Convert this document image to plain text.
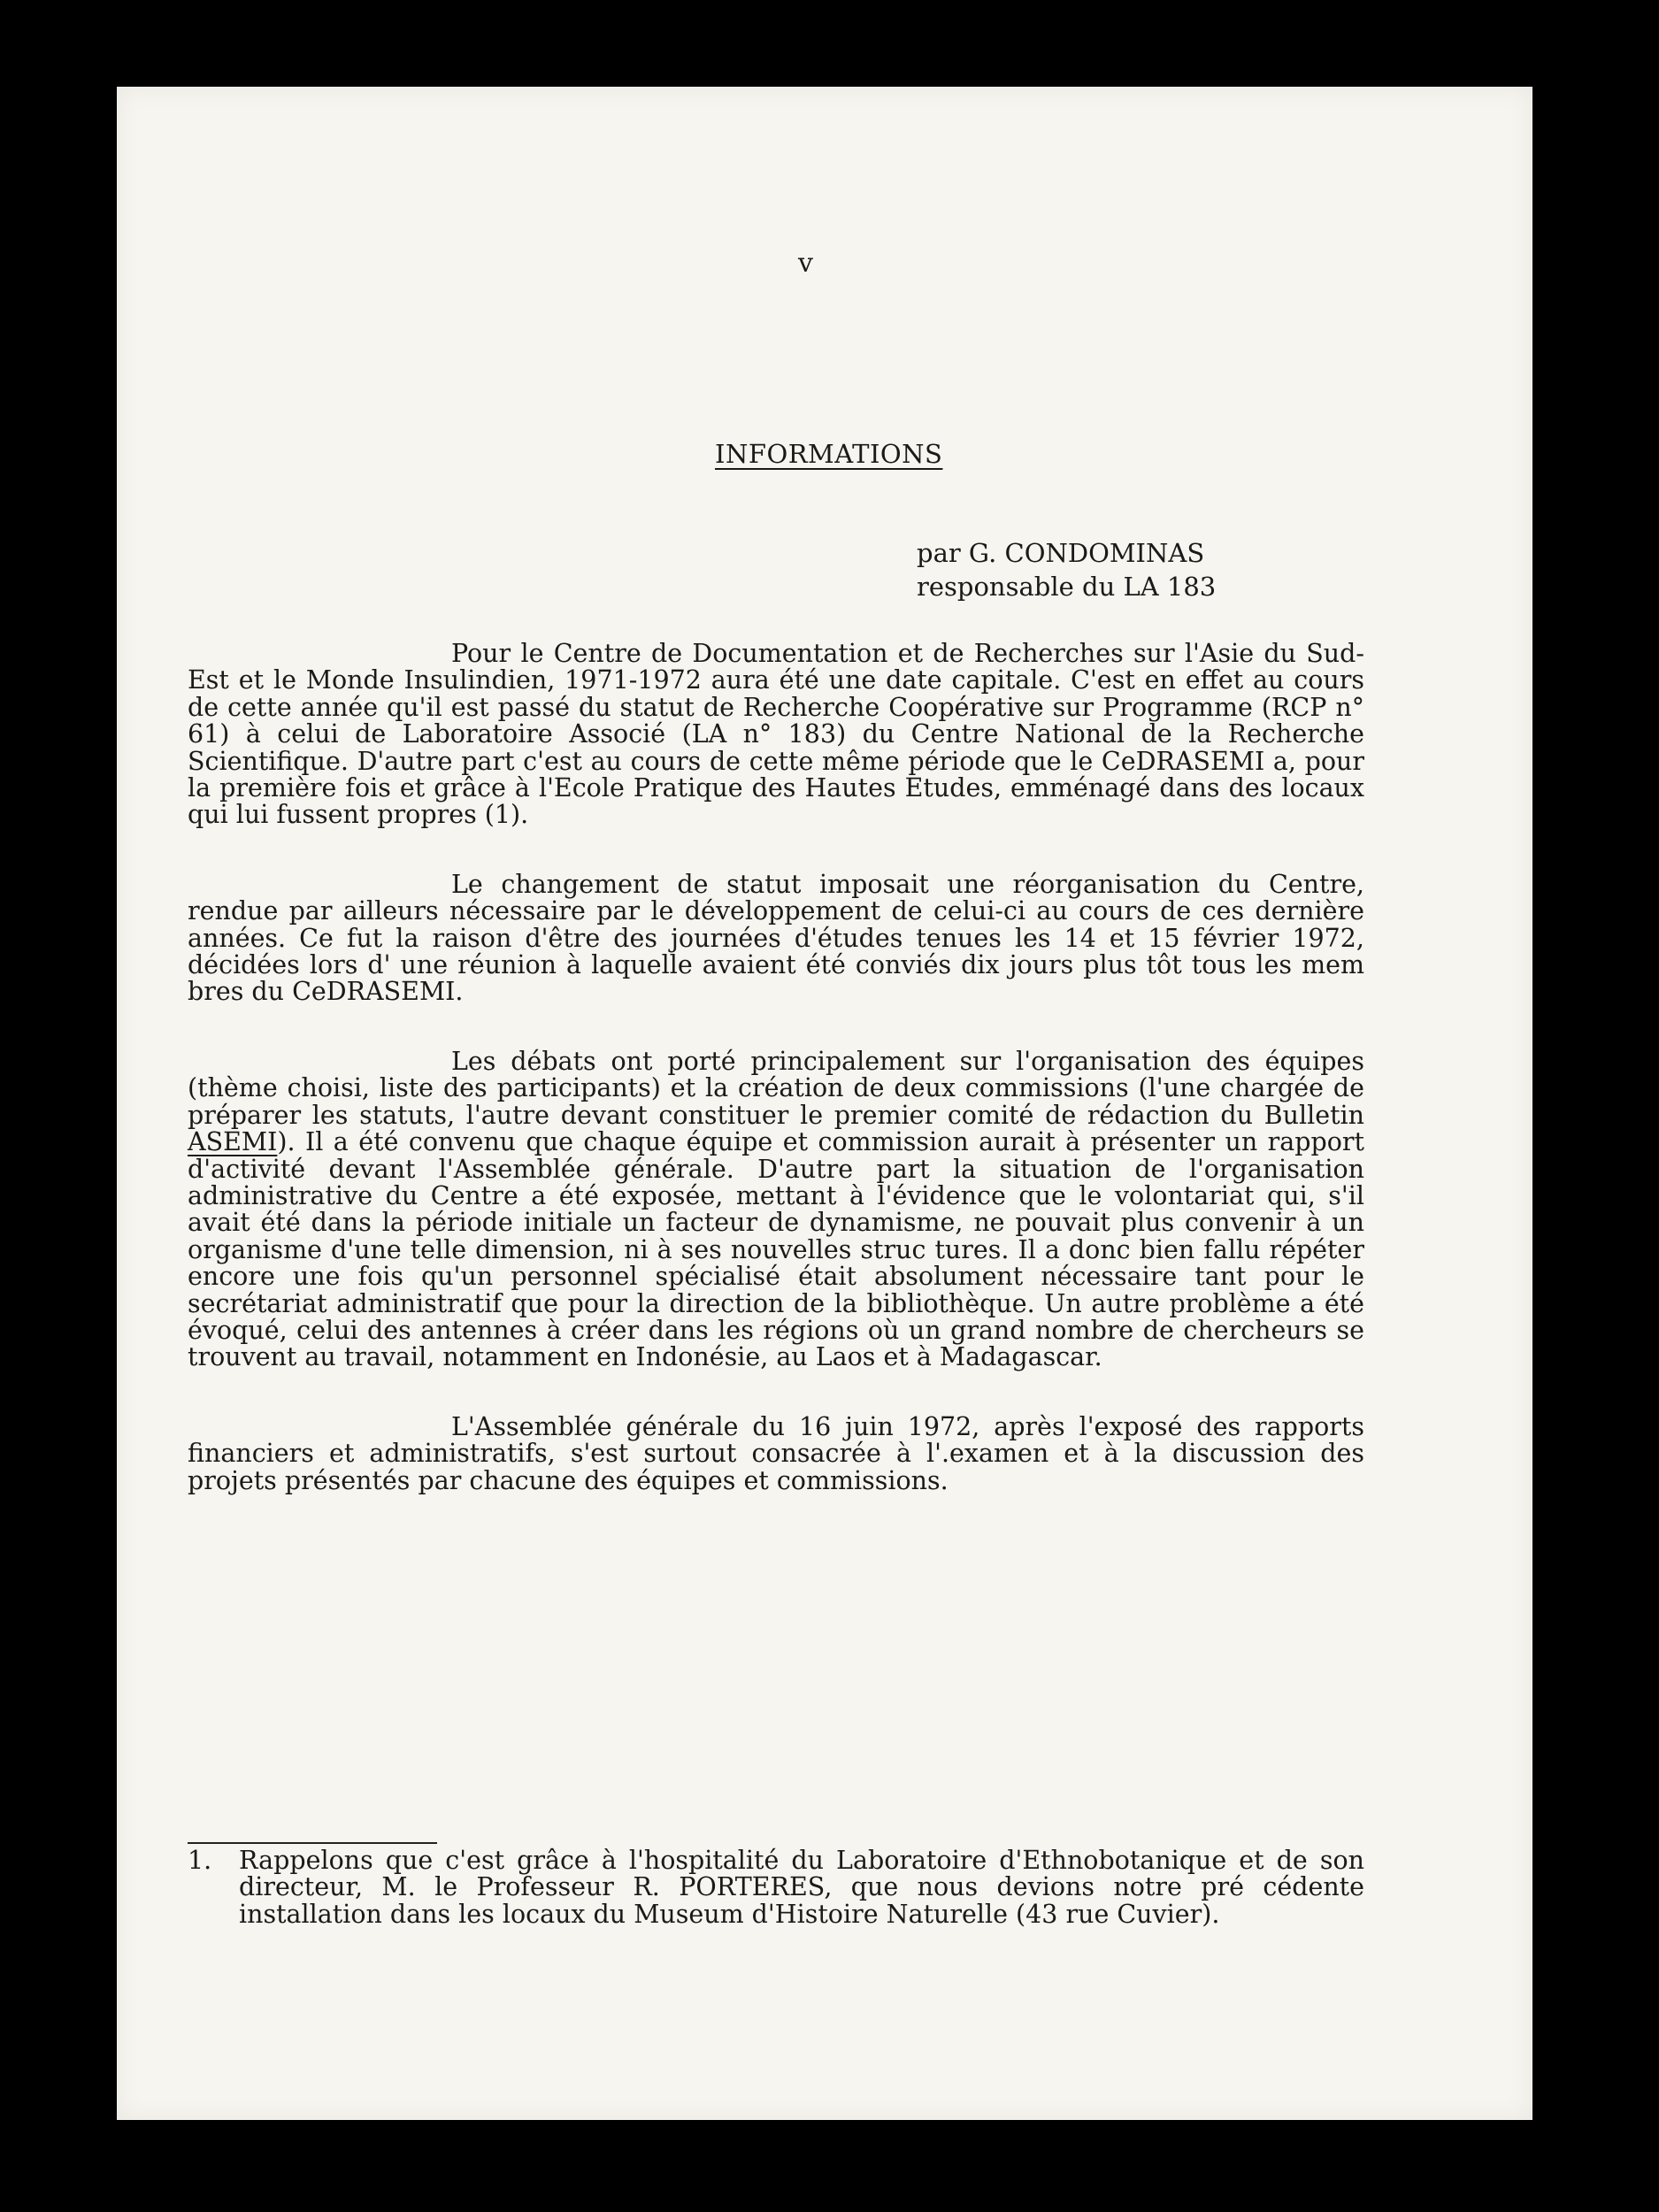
v
INFORMATIONS
par G. CONDOMINAS
responsable du LA 183

Pour le Centre de Documentation et de Recherches sur l'Asie du Sud-Est et le Monde Insulindien, 1971-1972 aura été une date capitale. C'est en effet au cours de cette année qu'il est passé du statut de Recherche Coopérative sur Programme (RCP n° 61) à celui de Laboratoire Associé (LA n° 183) du Centre National de la Recherche Scientifique. D'autre part c'est au cours de cette même période que le CeDRASEMI a, pour la première fois et grâce à l'Ecole Pratique des Hautes Etudes, emménagé dans des locaux qui lui fussent propres (1).

Le changement de statut imposait une réorganisation du Centre, rendue par ailleurs nécessaire par le développement de celui-ci au cours de ces dernière années. Ce fut la raison d'être des journées d'études tenues les 14 et 15 février 1972, décidées lors d' une réunion à laquelle avaient été conviés dix jours plus tôt tous les mem bres du CeDRASEMI.

Les débats ont porté principalement sur l'organisation des équipes (thème choisi, liste des participants) et la création de deux commissions (l'une chargée de préparer les statuts, l'autre devant constituer le premier comité de rédaction du Bulletin ASEMI). Il a été convenu que chaque équipe et commission aurait à présenter un rapport d'activité devant l'Assemblée générale. D'autre part la situation de l'organisation administrative du Centre a été exposée, mettant à l'évidence que le volontariat qui, s'il avait été dans la période initiale un facteur de dynamisme, ne pouvait plus convenir à un organisme d'une telle dimension, ni à ses nouvelles struc tures. Il a donc bien fallu répéter encore une fois qu'un personnel spécialisé était absolument nécessaire tant pour le secrétariat administratif que pour la direction de la bibliothèque. Un autre problème a été évoqué, celui des antennes à créer dans les régions où un grand nombre de chercheurs se trouvent au travail, notamment en Indonésie, au Laos et à Madagascar.

L'Assemblée générale du 16 juin 1972, après l'exposé des rapports financiers et administratifs, s'est surtout consacrée à l'.examen et à la discussion des projets présentés par chacune des équipes et commissions.

1.	Rappelons que c'est grâce à l'hospitalité du Laboratoire d'Ethnobotanique et de son directeur, M. le Professeur R. PORTERES, que nous devions notre pré cédente installation dans les locaux du Museum d'Histoire Naturelle (43 rue Cuvier).
